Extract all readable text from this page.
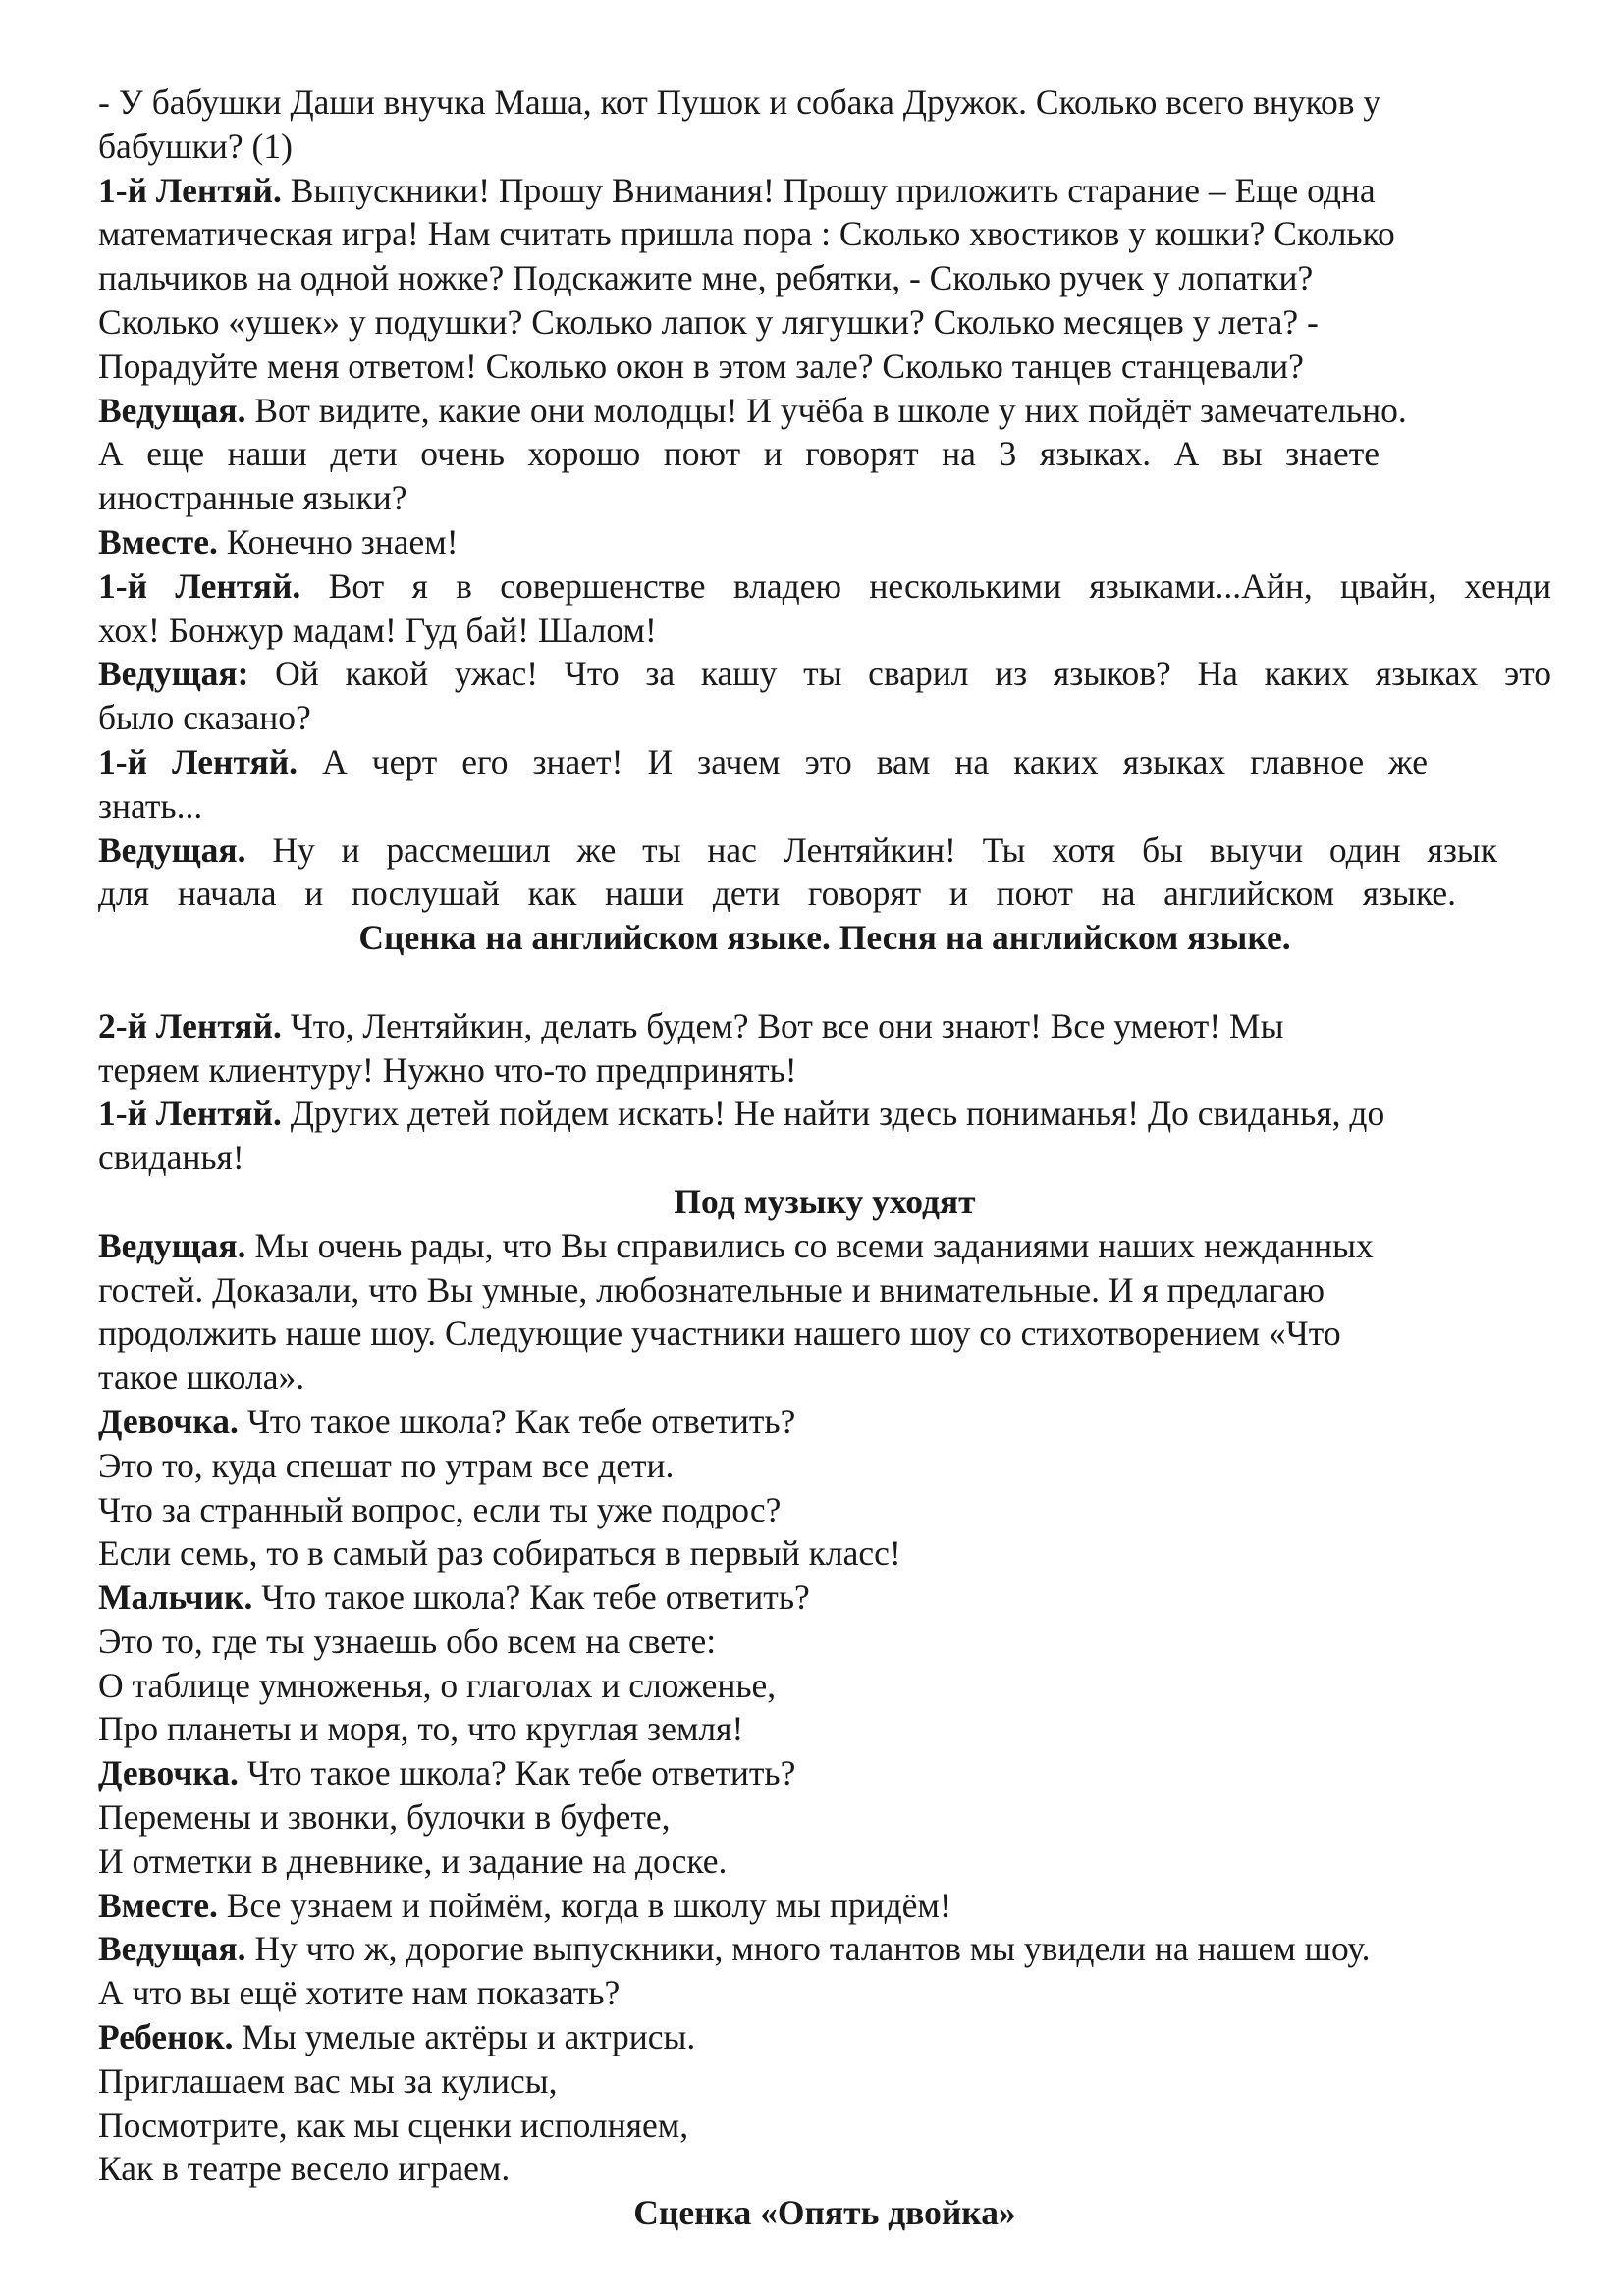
- У бабушки Даши внучка Маша, кот Пушок и собака Дружок. Сколько всего внуков у
бабушки? (1)
1-й Лентяй. Выпускники! Прошу Внимания! Прошу приложить старание – Еще одна
математическая игра! Нам считать пришла пора : Сколько хвостиков у кошки? Сколько
пальчиков на одной ножке? Подскажите мне, ребятки, - Сколько ручек у лопатки?
Сколько «ушек» у подушки? Сколько лапок у лягушки? Сколько месяцев у лета? -
Порадуйте меня ответом! Сколько окон в этом зале? Сколько танцев станцевали?
Ведущая. Вот видите, какие они молодцы! И учёба в школе у них пойдёт замечательно.
А еще наши дети очень хорошо поют и говорят на 3 языках. А вы знаете
иностранные языки?
Вместе. Конечно знаем!
1-й Лентяй. Вот я в совершенстве владею несколькими языками...Айн, цвайн, хенди
хох! Бонжур мадам! Гуд бай! Шалом!
Ведущая: Ой какой ужас! Что за кашу ты сварил из языков? На каких языках это
было сказано?
1-й Лентяй. А черт его знает! И зачем это вам на каких языках главное же
знать...
Ведущая. Ну и рассмешил же ты нас Лентяйкин! Ты хотя бы выучи один язык
для начала и послушай как наши дети говорят и поют на английском языке.
Сценка на английском языке. Песня на английском языке.
2-й Лентяй. Что, Лентяйкин, делать будем? Вот все они знают! Все умеют! Мы
теряем клиентуру! Нужно что-то предпринять!
1-й Лентяй. Других детей пойдем искать! Не найти здесь пониманья! До свиданья, до
свиданья!
Под музыку уходят
Ведущая. Мы очень рады, что Вы справились со всеми заданиями наших нежданных
гостей. Доказали, что Вы умные, любознательные и внимательные. И я предлагаю
продолжить наше шоу. Следующие участники нашего шоу со стихотворением «Что
такое школа».
Девочка. Что такое школа? Как тебе ответить?
Это то, куда спешат по утрам все дети.
Что за странный вопрос, если ты уже подрос?
Если семь, то в самый раз собираться в первый класс!
Мальчик. Что такое школа? Как тебе ответить?
Это то, где ты узнаешь обо всем на свете:
О таблице умноженья, о глаголах и сложенье,
Про планеты и моря, то, что круглая земля!
Девочка. Что такое школа? Как тебе ответить?
Перемены и звонки, булочки в буфете,
И отметки в дневнике, и задание на доске.
Вместе. Все узнаем и поймём, когда в школу мы придём!
Ведущая. Ну что ж, дорогие выпускники, много талантов мы увидели на нашем шоу.
А что вы ещё хотите нам показать?
Ребенок. Мы умелые актёры и актрисы.
Приглашаем вас мы за кулисы,
Посмотрите, как мы сценки исполняем,
Как в театре весело играем.
Сценка «Опять двойка»
